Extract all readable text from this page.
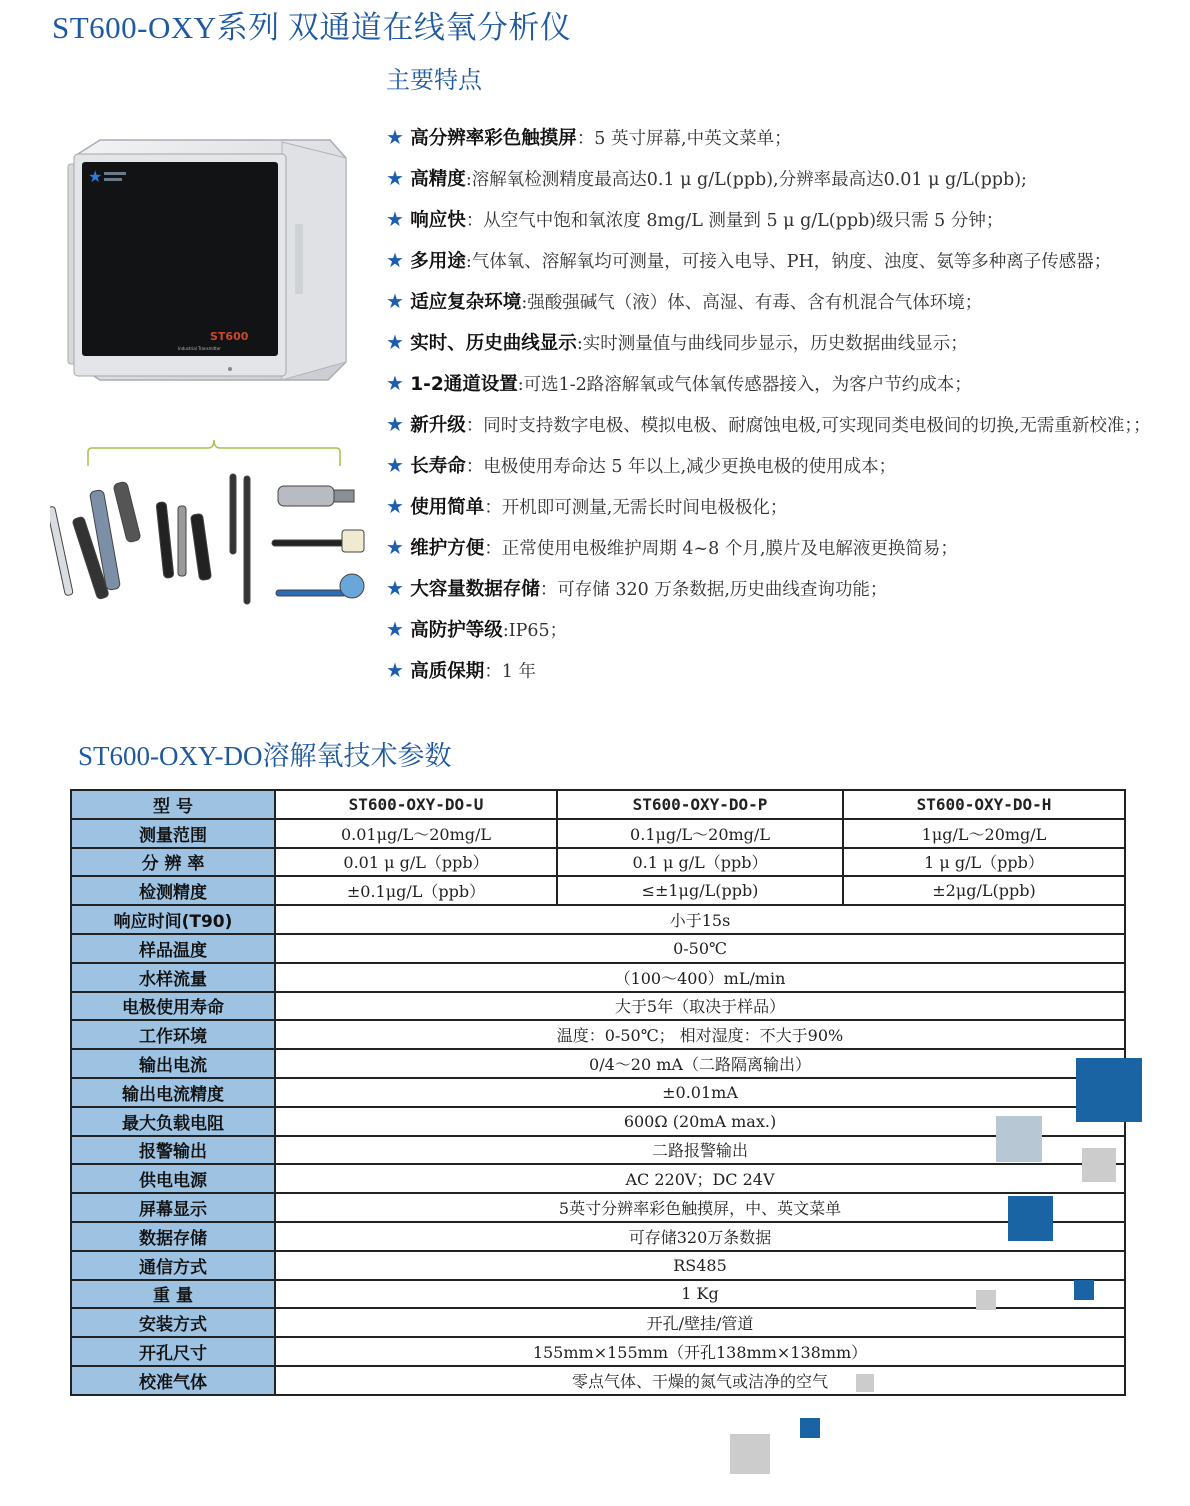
ST600-OXY系列 双通道在线氧分析仪
★
ST600
Industrial Transmitter
主要特点
★ 高分辨率彩色触摸屏：5 英寸屏幕,中英文菜单；
★ 高精度:溶解氧检测精度最高达0.1 μ g/L(ppb),分辨率最高达0.01 μ g/L(ppb);
★ 响应快：从空气中饱和氧浓度 8mg/L 测量到 5 μ g/L(ppb)级只需 5 分钟；
★ 多用途:气体氧、溶解氧均可测量，可接入电导、PH，钠度、浊度、氨等多种离子传感器；
★ 适应复杂环境:强酸强碱气（液）体、高湿、有毒、含有机混合气体环境；
★ 实时、历史曲线显示:实时测量值与曲线同步显示，历史数据曲线显示；
★ 1-2通道设置:可选1-2路溶解氧或气体氧传感器接入，为客户节约成本；
★ 新升级：同时支持数字电极、模拟电极、耐腐蚀电极,可实现同类电极间的切换,无需重新校准；；
★ 长寿命：电极使用寿命达 5 年以上,减少更换电极的使用成本；
★ 使用简单：开机即可测量,无需长时间电极极化；
★ 维护方便：正常使用电极维护周期 4~8 个月,膜片及电解液更换简易；
★ 大容量数据存储：可存储 320 万条数据,历史曲线查询功能；
★ 高防护等级:IP65；
★ 高质保期：1 年
ST600-OXY-DO溶解氧技术参数
型 号	ST600-OXY-DO-U	ST600-OXY-DO-P	ST600-OXY-DO-H
测量范围	0.01μg/L～20mg/L	0.1μg/L～20mg/L	1μg/L～20mg/L
分 辨 率	0.01 μ g/L（ppb）	0.1 μ g/L（ppb）	1 μ g/L（ppb）
检测精度	±0.1μg/L（ppb）	≤±1μg/L(ppb)	±2μg/L(ppb)
响应时间(T90)	小于15s		
样品温度	0-50℃		
水样流量	（100～400）mL/min		
电极使用寿命	大于5年（取决于样品）		
工作环境	温度：0-50℃； 相对湿度：不大于90%		
输出电流	0/4～20 mA（二路隔离输出）		
输出电流精度	±0.01mA		
最大负载电阻	600Ω (20mA max.)		
报警输出	二路报警输出		
供电电源	AC 220V；DC 24V		
屏幕显示	5英寸分辨率彩色触摸屏，中、英文菜单		
数据存储	可存储320万条数据		
通信方式	RS485		
重 量	1 Kg		
安装方式	开孔/壁挂/管道		
开孔尺寸	155mm×155mm（开孔138mm×138mm）		
校准气体	零点气体、干燥的氮气或洁净的空气		
